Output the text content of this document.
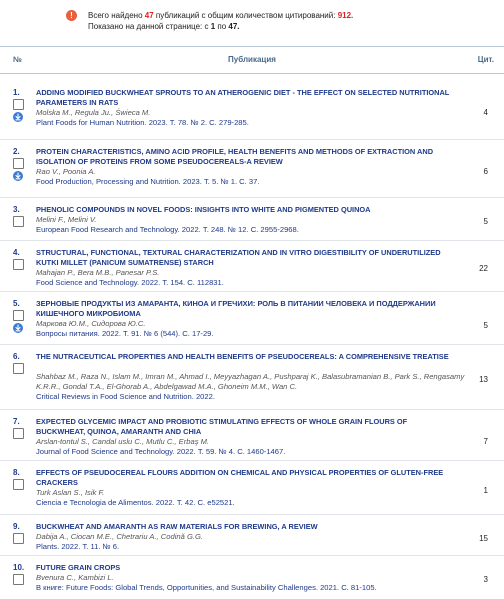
!	Всего найдено 47 публикаций с общим количеством цитирований: 912.
Показано на данной странице: с 1 по 47.
№	Публикация	Цит.
1. ADDING MODIFIED BUCKWHEAT SPROUTS TO AN ATHEROGENIC DIET - THE EFFECT ON SELECTED NUTRITIONAL PARAMETERS IN RATS
Molska M., Regula Ju., Świeca M.
Plant Foods for Human Nutrition. 2023. Т. 78. № 2. С. 279-285.
4
2. PROTEIN CHARACTERISTICS, AMINO ACID PROFILE, HEALTH BENEFITS AND METHODS OF EXTRACTION AND ISOLATION OF PROTEINS FROM SOME PSEUDOCEREALS-A REVIEW
Rao V., Poonia A.
Food Production, Processing and Nutrition. 2023. Т. 5. № 1. С. 37.
6
3. PHENOLIC COMPOUNDS IN NOVEL FOODS: INSIGHTS INTO WHITE AND PIGMENTED QUINOA
Melini F., Melini V.
European Food Research and Technology. 2022. Т. 248. № 12. С. 2955-2968.
5
4. STRUCTURAL, FUNCTIONAL, TEXTURAL CHARACTERIZATION AND IN VITRO DIGESTIBILITY OF UNDERUTILIZED KUTKI MILLET (PANICUM SUMATRENSE) STARCH
Mahajan P., Bera M.B., Panesar P.S.
Food Science and Technology. 2022. Т. 154. С. 112831.
22
5. ЗЕРНОВЫЕ ПРОДУКТЫ ИЗ АМАРАНТА, КИНОА И ГРЕЧИХИ: РОЛЬ В ПИТАНИИ ЧЕЛОВЕКА И ПОДДЕРЖАНИИ КИШЕЧНОГО МИКРОБИОМА
Маркова Ю.М., Сидорова Ю.С.
Вопросы питания. 2022. Т. 91. № 6 (544). С. 17-29.
5
6. THE NUTRACEUTICAL PROPERTIES AND HEALTH BENEFITS OF PSEUDOCEREALS: A COMPREHENSIVE TREATISE
Shahbaz M., Raza N., Islam M., Imran M., Ahmad I., Meyyazhagan A., Pushparaj K., Balasubramanian B., Park S., Rengasamy K.R.R., Gondal T.A., El-Ghorab A., Abdelgawad M.A., Ghoneim M.M., Wan C.
Critical Reviews in Food Science and Nutrition. 2022.
13
7. EXPECTED GLYCEMIC IMPACT AND PROBIOTIC STIMULATING EFFECTS OF WHOLE GRAIN FLOURS OF BUCKWHEAT, QUINOA, AMARANTH AND CHIA
Arslan-tontul S., Candal uslu C., Mutlu C., Erbaş M.
Journal of Food Science and Technology. 2022. Т. 59. № 4. С. 1460-1467.
7
8. EFFECTS OF PSEUDOCEREAL FLOURS ADDITION ON CHEMICAL AND PHYSICAL PROPERTIES OF GLUTEN-FREE CRACKERS
Turk Aslan S., Isik F.
Ciencia e Tecnologia de Alimentos. 2022. Т. 42. С. e52521.
1
9. BUCKWHEAT AND AMARANTH AS RAW MATERIALS FOR BREWING, A REVIEW
Dabija A., Ciocan M.E., Chetrariu A., Codină G.G.
Plants. 2022. Т. 11. № 6.
15
10. FUTURE GRAIN CROPS
Bvenura C., Kambizi L.
В книге: Future Foods: Global Trends, Opportunities, and Sustainability Challenges. 2021. С. 81-105.
3
